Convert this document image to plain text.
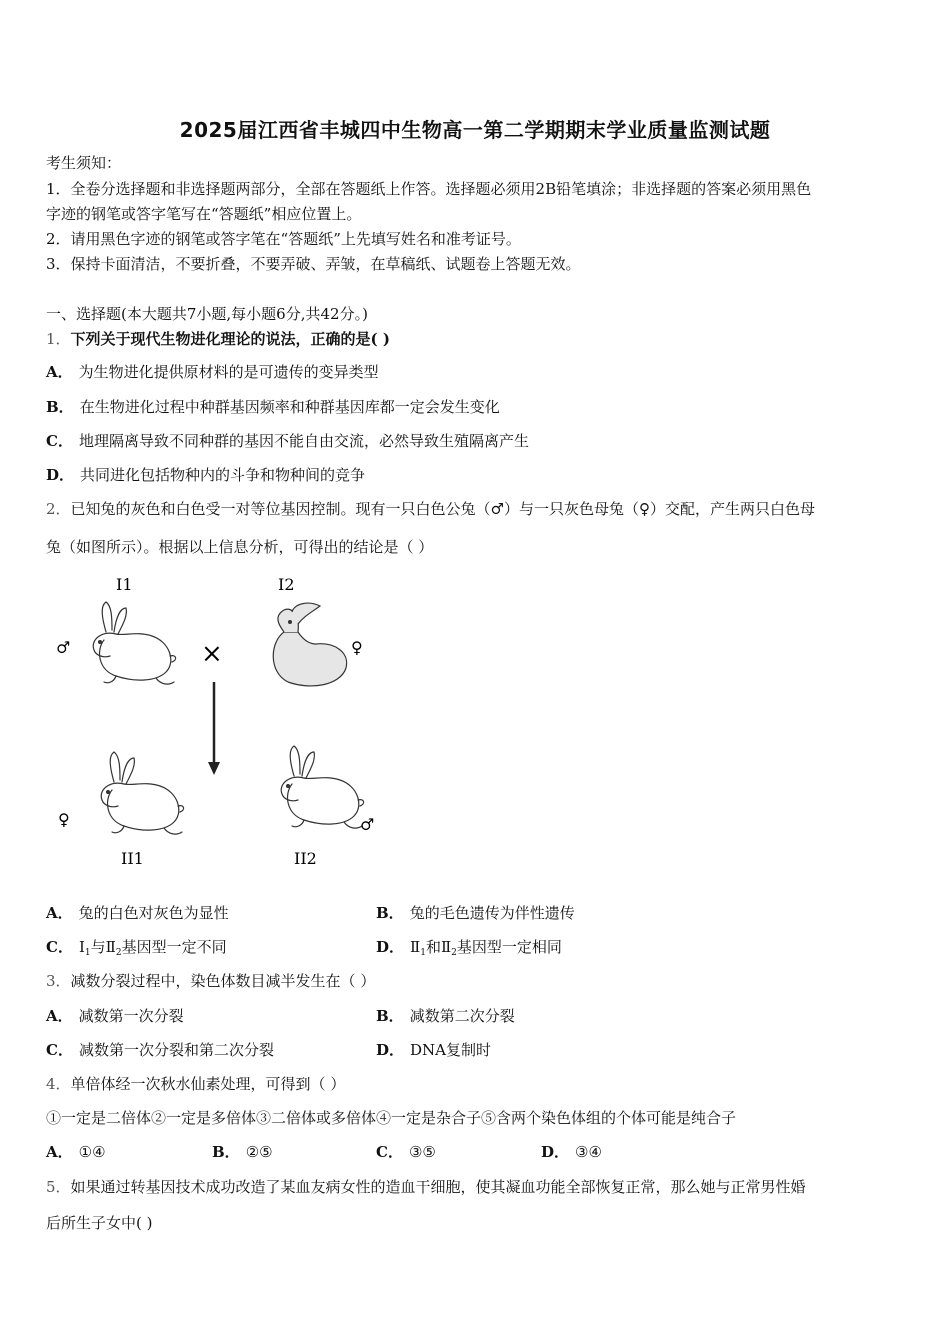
2025届江西省丰城四中生物高一第二学期期末学业质量监测试题
考生须知：
1．全卷分选择题和非选择题两部分，全部在答题纸上作答。选择题必须用2B铅笔填涂；非选择题的答案必须用黑色
字迹的钢笔或答字笔写在“答题纸”相应位置上。
2．请用黑色字迹的钢笔或答字笔在“答题纸”上先填写姓名和准考证号。
3．保持卡面清洁，不要折叠，不要弄破、弄皱，在草稿纸、试题卷上答题无效。
一、选择题(本大题共7小题,每小题6分,共42分。)
1．下列关于现代生物进化理论的说法，正确的是( )
A． 为生物进化提供原材料的是可遗传的变异类型
B． 在生物进化过程中种群基因频率和种群基因库都一定会发生变化
C． 地理隔离导致不同种群的基因不能自由交流，必然导致生殖隔离产生
D． 共同进化包括物种内的斗争和物种间的竞争
2．已知兔的灰色和白色受一对等位基因控制。现有一只白色公兔（♂）与一只灰色母兔（♀）交配，产生两只白色母
兔（如图所示）。根据以上信息分析，可得出的结论是（ ）
I1
♂	×
I2
♀
♀
II1
♂
II2
A． 兔的白色对灰色为显性	B． 兔的毛色遗传为伴性遗传
C． $Ⅰ_1$与$Ⅱ_2$基因型一定不同	D． $Ⅱ_1$和$Ⅱ_2$基因型一定相同
3．减数分裂过程中，染色体数目减半发生在（ ）
A． 减数第一次分裂	B． 减数第二次分裂
C． 减数第一次分裂和第二次分裂	D． DNA复制时
4．单倍体经一次秋水仙素处理，可得到（ ）
①一定是二倍体②一定是多倍体③二倍体或多倍体④一定是杂合子⑤含两个染色体组的个体可能是纯合子
A． ①④	B． ②⑤	C． ③⑤	D． ③④
5．如果通过转基因技术成功改造了某血友病女性的造血干细胞，使其凝血功能全部恢复正常，那么她与正常男性婚
后所生子女中( )
